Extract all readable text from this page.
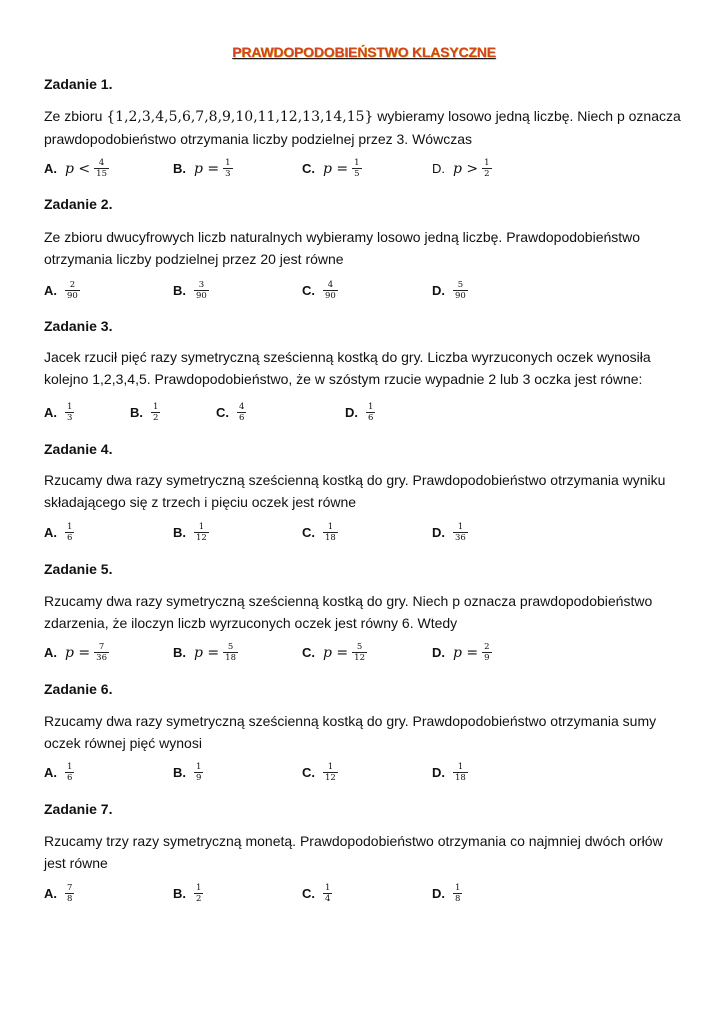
PRAWDOPODOBIEŃSTWO KLASYCZNE
Zadanie 1.
Ze zbioru {1,2,3,4,5,6,7,8,9,10,11,12,13,14,15} wybieramy losowo jedną liczbę. Niech p oznacza prawdopodobieństwo otrzymania liczby podzielnej przez 3. Wówczas
A. $p < \frac{4}{15}$	B. $p = \frac{1}{3}$	C. $p = \frac{1}{5}$	D. $p > \frac{1}{2}$
Zadanie 2.
Ze zbioru dwucyfrowych liczb naturalnych wybieramy losowo jedną liczbę. Prawdopodobieństwo otrzymania liczby podzielnej przez 20 jest równe
A. $\frac{2}{90}$	B. $\frac{3}{90}$	C. $\frac{4}{90}$	D. $\frac{5}{90}$
Zadanie 3.
Jacek rzucił pięć razy symetryczną sześcienną kostką do gry. Liczba wyrzuconych oczek wynosiła kolejno 1,2,3,4,5. Prawdopodobieństwo, że w szóstym rzucie wypadnie 2 lub 3 oczka jest równe:
A. $\frac{1}{3}$	B. $\frac{1}{2}$	C. $\frac{4}{6}$	D. $\frac{1}{6}$
Zadanie 4.
Rzucamy dwa razy symetryczną sześcienną kostką do gry. Prawdopodobieństwo otrzymania wyniku składającego się z trzech i pięciu oczek jest równe
A. $\frac{1}{6}$	B. $\frac{1}{12}$	C. $\frac{1}{18}$	D. $\frac{1}{36}$
Zadanie 5.
Rzucamy dwa razy symetryczną sześcienną kostką do gry. Niech p oznacza prawdopodobieństwo zdarzenia, że iloczyn liczb wyrzuconych oczek jest równy 6. Wtedy
A. $p = \frac{7}{36}$	B. $p = \frac{5}{18}$	C. $p = \frac{5}{12}$	D. $p = \frac{2}{9}$
Zadanie 6.
Rzucamy dwa razy symetryczną sześcienną kostką do gry. Prawdopodobieństwo otrzymania sumy oczek równej pięć wynosi
A. $\frac{1}{6}$	B. $\frac{1}{9}$	C. $\frac{1}{12}$	D. $\frac{1}{18}$
Zadanie 7.
Rzucamy trzy razy symetryczną monetą. Prawdopodobieństwo otrzymania co najmniej dwóch orłów jest równe
A. $\frac{7}{8}$	B. $\frac{1}{2}$	C. $\frac{1}{4}$	D. $\frac{1}{8}$
